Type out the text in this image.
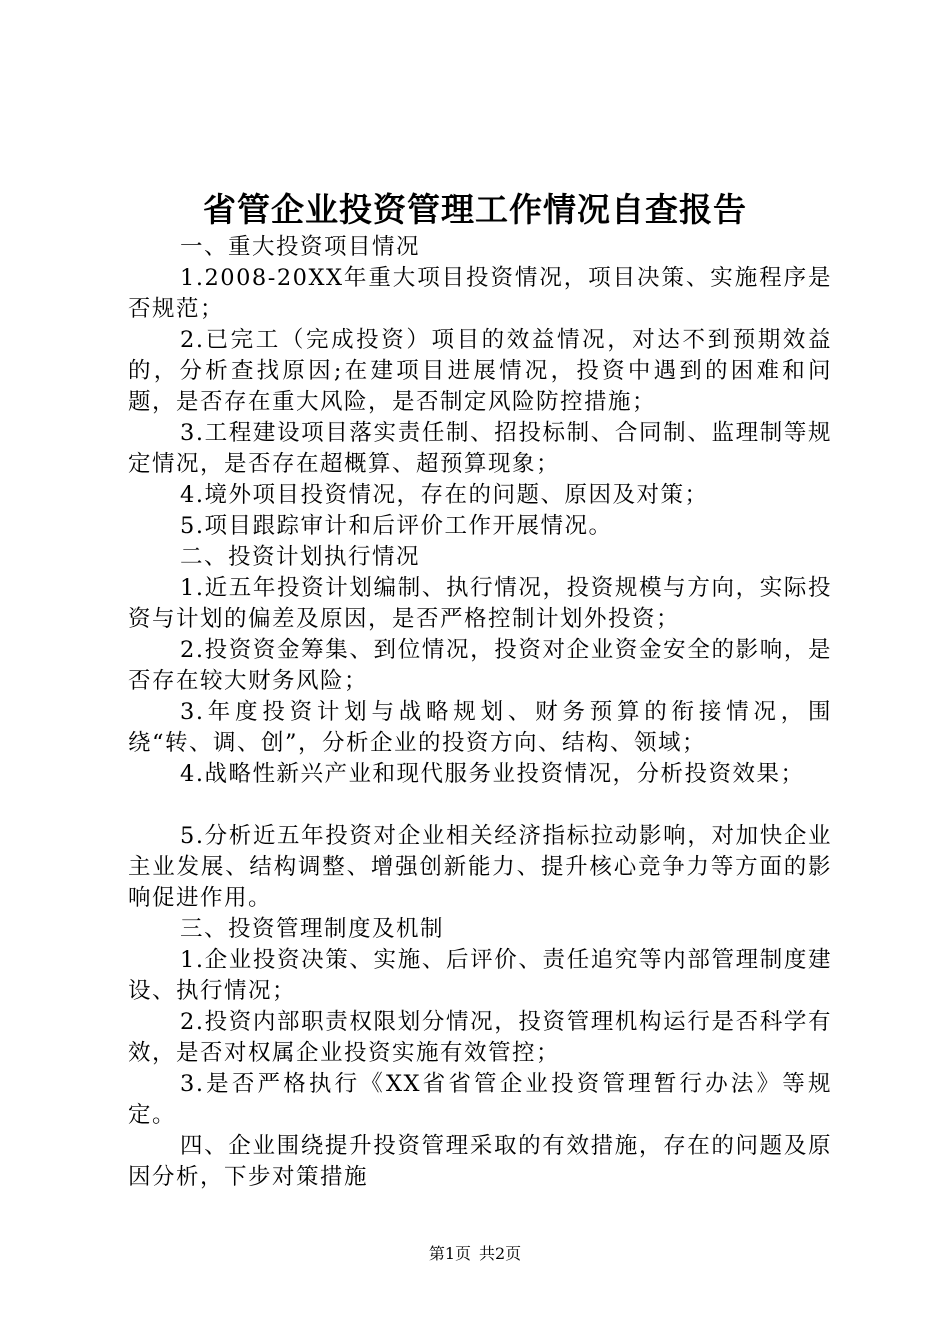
省管企业投资管理工作情况自查报告

一、重大投资项目情况

1.2008-20XX年重大项目投资情况，项目决策、实施程序是否规范；

2.已完工（完成投资）项目的效益情况，对达不到预期效益的，分析查找原因;在建项目进展情况，投资中遇到的困难和问题，是否存在重大风险，是否制定风险防控措施；

3.工程建设项目落实责任制、招投标制、合同制、监理制等规定情况，是否存在超概算、超预算现象；

4.境外项目投资情况，存在的问题、原因及对策；

5.项目跟踪审计和后评价工作开展情况。

二、投资计划执行情况

1.近五年投资计划编制、执行情况，投资规模与方向，实际投资与计划的偏差及原因，是否严格控制计划外投资；

2.投资资金筹集、到位情况，投资对企业资金安全的影响，是否存在较大财务风险；

3.年度投资计划与战略规划、财务预算的衔接情况，围绕“转、调、创”，分析企业的投资方向、结构、领域；

4.战略性新兴产业和现代服务业投资情况，分析投资效果；

5.分析近五年投资对企业相关经济指标拉动影响，对加快企业主业发展、结构调整、增强创新能力、提升核心竞争力等方面的影响促进作用。

三、投资管理制度及机制

1.企业投资决策、实施、后评价、责任追究等内部管理制度建设、执行情况；

2.投资内部职责权限划分情况，投资管理机构运行是否科学有效，是否对权属企业投资实施有效管控；

3.是否严格执行《XX省省管企业投资管理暂行办法》等规定。

四、企业围绕提升投资管理采取的有效措施，存在的问题及原因分析，下步对策措施

第1页 共2页
